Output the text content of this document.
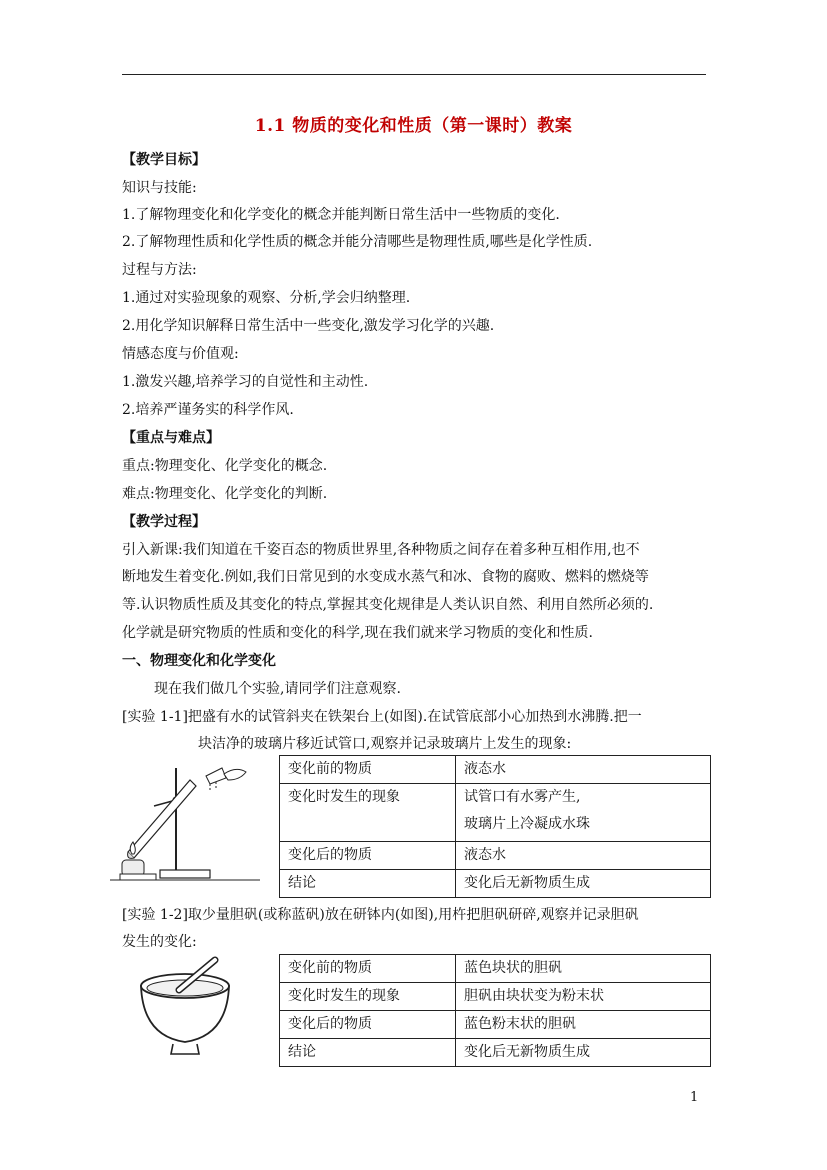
1.1 物质的变化和性质（第一课时）教案
【教学目标】
知识与技能:
1.了解物理变化和化学变化的概念并能判断日常生活中一些物质的变化.
2.了解物理性质和化学性质的概念并能分清哪些是物理性质,哪些是化学性质.
过程与方法:
1.通过对实验现象的观察、分析,学会归纳整理.
2.用化学知识解释日常生活中一些变化,激发学习化学的兴趣.
情感态度与价值观:
1.激发兴趣,培养学习的自觉性和主动性.
2.培养严谨务实的科学作风.
【重点与难点】
重点:物理变化、化学变化的概念.
难点:物理变化、化学变化的判断.
【教学过程】
引入新课:我们知道在千姿百态的物质世界里,各种物质之间存在着多种互相作用,也不
断地发生着变化.例如,我们日常见到的水变成水蒸气和冰、食物的腐败、燃料的燃烧等
等.认识物质性质及其变化的特点,掌握其变化规律是人类认识自然、利用自然所必须的.
化学就是研究物质的性质和变化的科学,现在我们就来学习物质的变化和性质.
一、物理变化和化学变化
现在我们做几个实验,请同学们注意观察.
[实验 1-1]把盛有水的试管斜夹在铁架台上(如图).在试管底部小心加热到水沸腾.把一
块洁净的玻璃片移近试管口,观察并记录玻璃片上发生的现象:
变化前的物质	液态水
变化时发生的现象	试管口有水雾产生,
玻璃片上冷凝成水珠

变化后的物质	液态水
结论	变化后无新物质生成
[实验 1-2]取少量胆矾(或称蓝矾)放在研钵内(如图),用杵把胆矾研碎,观察并记录胆矾
发生的变化:
变化前的物质	蓝色块状的胆矾
变化时发生的现象	胆矾由块状变为粉末状
变化后的物质	蓝色粉末状的胆矾
结论	变化后无新物质生成
1
